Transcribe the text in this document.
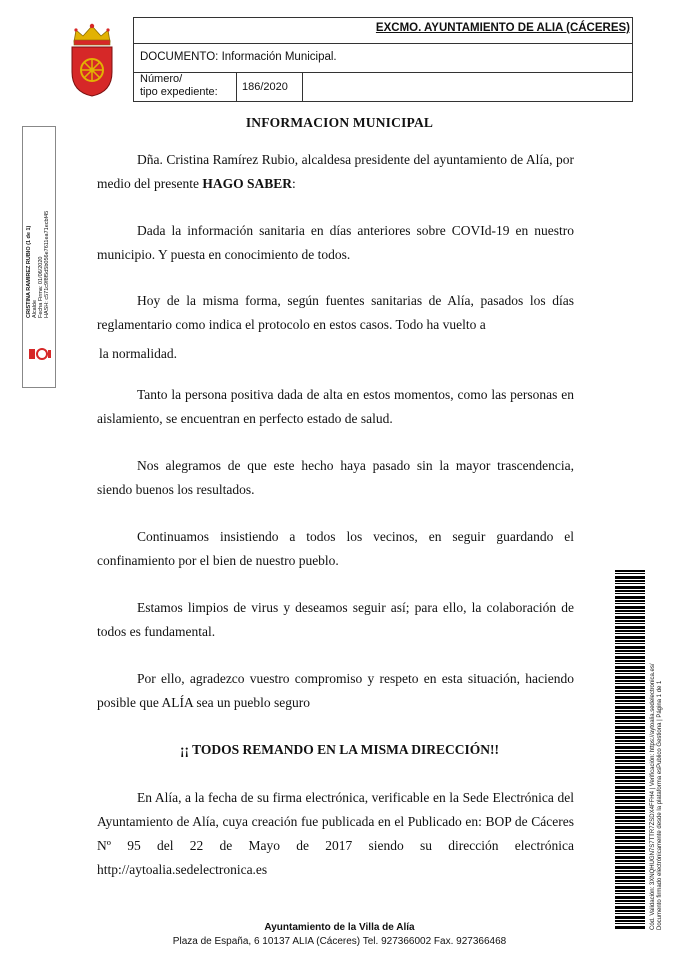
EXCMO. AYUNTAMIENTO DE ALIA (CÁCERES)
DOCUMENTO: Información Municipal.
Número/
tipo expediente: 186/2020
CRISTINA RAMIREZ RUBIO (1 de 1) Alcalde Fecha Firma: 01/06/2020 HASH: c571c9f8f5d5b056e7611ea71ecbf45
Cód. Validación: 3XNQHUGN7S7TTR7ZSDX4FFH4 | Verificación: https://aytoalia.sedelectronica.es/ Documento firmado electrónicamente desde la plataforma esPublico Gestiona | Página 1 de 1
INFORMACION MUNICIPAL
Dña. Cristina Ramírez Rubio, alcaldesa presidente del ayuntamiento de Alía, por medio del presente HAGO SABER:
Dada la información sanitaria en días anteriores sobre COVId-19 en nuestro municipio. Y puesta en conocimiento de todos.
Hoy de la misma forma, según fuentes sanitarias de Alía, pasados los días reglamentario como indica el protocolo en estos casos. Todo ha vuelto a
la normalidad.
Tanto la persona positiva dada de alta en estos momentos, como las personas en aislamiento, se encuentran en perfecto estado de salud.
Nos alegramos de que este hecho haya pasado sin la mayor trascendencia, siendo buenos los resultados.
Continuamos insistiendo a todos los vecinos, en seguir guardando el confinamiento por el bien de nuestro pueblo.
Estamos limpios de virus y deseamos seguir así; para ello, la colaboración de todos es fundamental.
Por ello, agradezco vuestro compromiso y respeto en esta situación, haciendo posible que ALÍA sea un pueblo seguro
¡¡ TODOS REMANDO EN LA MISMA DIRECCIÓN!!
En Alía, a la fecha de su firma electrónica, verificable en la Sede Electrónica del Ayuntamiento de Alía, cuya creación fue publicada en el Publicado en: BOP de Cáceres Nº 95 del 22 de Mayo de 2017 siendo su dirección electrónica http://aytoalia.sedelectronica.es
Ayuntamiento de la Villa de Alía
Plaza de España, 6 10137 ALIA (Cáceres) Tel. 927366002 Fax. 927366468
